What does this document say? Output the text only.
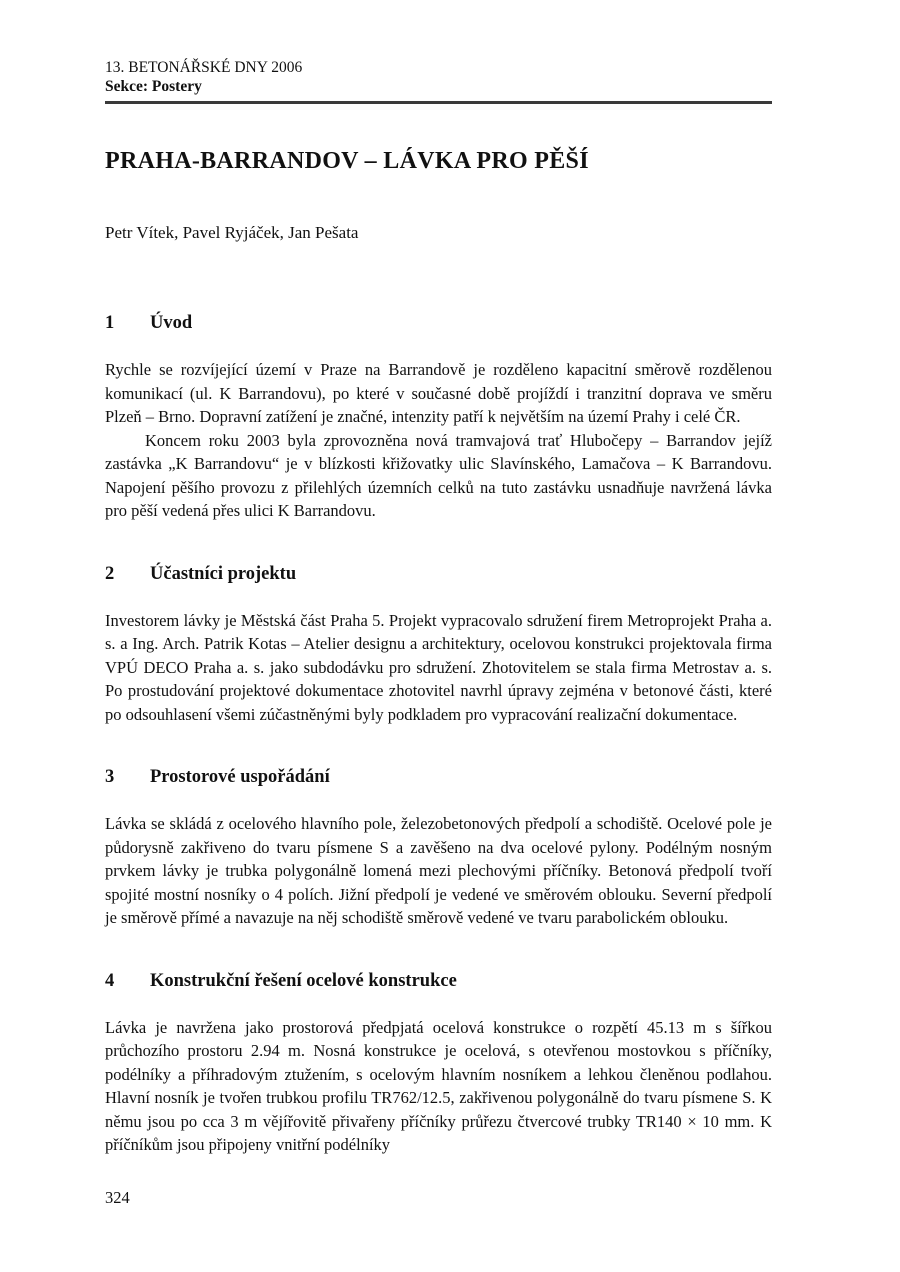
13. BETONÁŘSKÉ DNY 2006
Sekce: Postery
PRAHA-BARRANDOV – LÁVKA PRO PĚŠÍ
Petr Vítek, Pavel Ryjáček, Jan Pešata
1 Úvod

Rychle se rozvíjející území v Praze na Barrandově je rozděleno kapacitní směrově rozdělenou komunikací (ul. K Barrandovu), po které v současné době projíždí i tranzitní doprava ve směru Plzeň – Brno. Dopravní zatížení je značné, intenzity patří k největším na území Prahy i celé ČR.

Koncem roku 2003 byla zprovozněna nová tramvajová trať Hlubočepy – Barrandov jejíž zastávka „K Barrandovu“ je v blízkosti křižovatky ulic Slavínského, Lamačova – K Barrandovu. Napojení pěšího provozu z přilehlých územních celků na tuto zastávku usnadňuje navržená lávka pro pěší vedená přes ulici K Barrandovu.

2 Účastníci projektu

Investorem lávky je Městská část Praha 5. Projekt vypracovalo sdružení firem Metroprojekt Praha a. s. a Ing. Arch. Patrik Kotas – Atelier designu a architektury, ocelovou konstrukci projektovala firma VPÚ DECO Praha a. s. jako subdodávku pro sdružení. Zhotovitelem se stala firma Metrostav a. s. Po prostudování projektové dokumentace zhotovitel navrhl úpravy zejména v betonové části, které po odsouhlasení všemi zúčastněnými byly podkladem pro vypracování realizační dokumentace.

3 Prostorové uspořádání

Lávka se skládá z ocelového hlavního pole, železobetonových předpolí a schodiště. Ocelové pole je půdorysně zakřiveno do tvaru písmene S a zavěšeno na dva ocelové pylony. Podélným nosným prvkem lávky je trubka polygonálně lomená mezi plechovými příčníky. Betonová předpolí tvoří spojité mostní nosníky o 4 polích. Jižní předpolí je vedené ve směrovém oblouku. Severní předpolí je směrově přímé a navazuje na něj schodiště směrově vedené ve tvaru parabolickém oblouku.

4 Konstrukční řešení ocelové konstrukce

Lávka je navržena jako prostorová předpjatá ocelová konstrukce o rozpětí 45.13 m s šířkou průchozího prostoru 2.94 m. Nosná konstrukce je ocelová, s otevřenou mostovkou s příčníky, podélníky a příhradovým ztužením, s ocelovým hlavním nosníkem a lehkou členěnou podlahou. Hlavní nosník je tvořen trubkou profilu TR762/12.5, zakřivenou polygonálně do tvaru písmene S. K němu jsou po cca 3 m vějířovitě přivařeny příčníky průřezu čtvercové trubky TR140 × 10 mm. K příčníkům jsou připojeny vnitřní podélníky

324
